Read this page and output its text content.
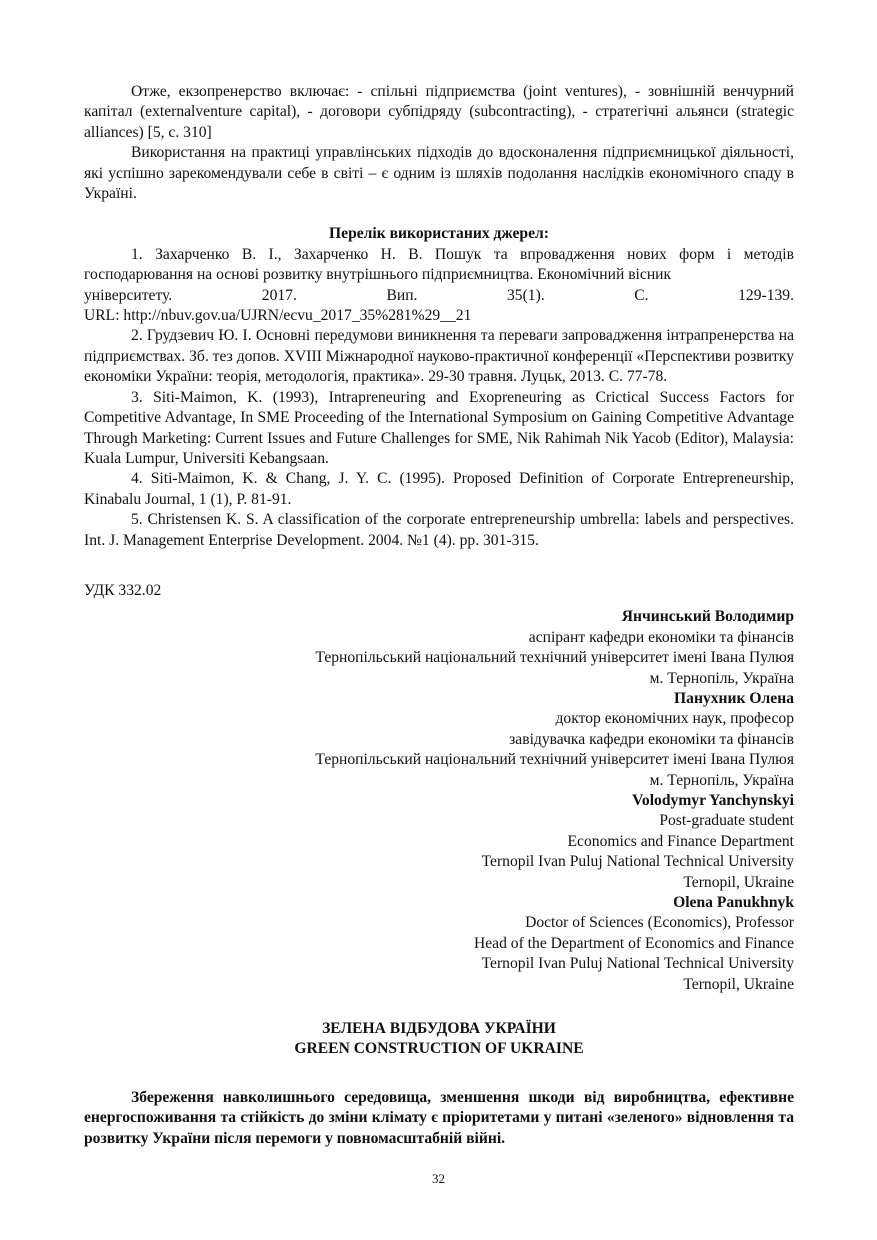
Отже, екзопренерство включає: - спільні підприємства (joint ventures), - зовнішній венчурний капітал (externalventure capital), - договори субпідряду (subcontracting), - стратегічні альянси (strategic alliances) [5, с. 310]

Використання на практиці управлінських підходів до вдосконалення підприємницької діяльності, які успішно зарекомендували себе в світі – є одним із шляхів подолання наслідків економічного спаду в Україні.

Перелік використаних джерел:

1. Захарченко В. І., Захарченко Н. В. Пошук та впровадження нових форм і методів господарювання на основі розвитку внутрішнього підприємництва. Економічний вісник

університету. 2017. Вип. 35(1). С. 129-139.

URL: http://nbuv.gov.ua/UJRN/ecvu_2017_35%281%29__21

2. Грудзевич Ю. І. Основні передумови виникнення та переваги запровадження інтрапренерства на підприємствах. Зб. тез допов. XVIII Міжнародної науково-практичної конференції «Перспективи розвитку економіки України: теорія, методологія, практика». 29-30 травня. Луцьк, 2013. С. 77-78.

3. Siti-Maimon, K. (1993), Intrapreneuring and Exopreneuring as Crictical Success Factors for Competitive Advantage, In SME Proceeding of the International Symposium on Gaining Competitive Advantage Through Marketing: Current Issues and Future Challenges for SME, Nik Rahimah Nik Yacob (Editor), Malaysia: Kuala Lumpur, Universiti Kebangsaan.

4. Siti-Maimon, K. & Chang, J. Y. C. (1995). Proposed Definition of Corporate Entrepreneurship, Kinabalu Journal, 1 (1), P. 81-91.

5. Christensen K. S. A classification of the corporate entrepreneurship umbrella: labels and perspectives. Int. J. Management Enterprise Development. 2004. №1 (4). pp. 301-315.

УДК 332.02

Янчинський Володимир
аспірант кафедри економіки та фінансів
Тернопільський національний технічний університет імені Івана Пулюя
м. Тернопіль, Україна
Панухник Олена
доктор економічних наук, професор
завідувачка кафедри економіки та фінансів
Тернопільський національний технічний університет імені Івана Пулюя
м. Тернопіль, Україна
Volodymyr Yanchynskyi
Post-graduate student
Economics and Finance Department
Ternopil Ivan Puluj National Technical University
Ternopil, Ukraine
Olena Panukhnyk
Doctor of Sciences (Economics), Professor
Head of the Department of Economics and Finance
Ternopil Ivan Puluj National Technical University
Ternopil, Ukraine
ЗЕЛЕНА ВІДБУДОВА УКРАЇНИ
GREEN CONSTRUCTION OF UKRAINE

Збереження навколишнього середовища, зменшення шкоди від виробництва, ефективне енергоспоживання та стійкість до зміни клімату є пріоритетами у питані «зеленого» відновлення та розвитку України після перемоги у повномасштабній війні.

32
